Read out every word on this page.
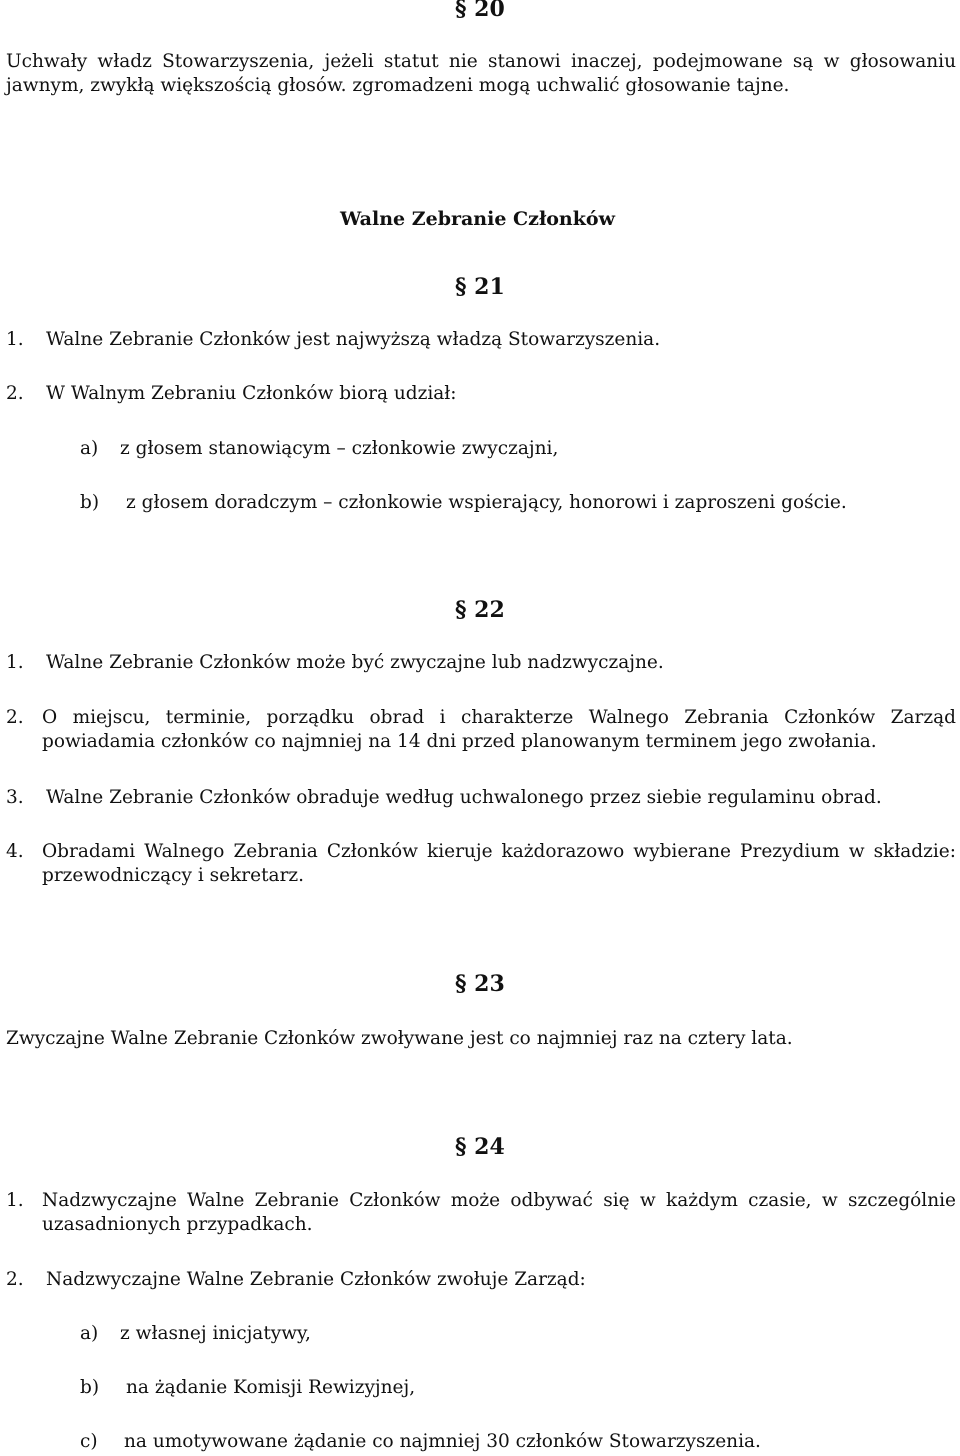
§ 20
Uchwały władz Stowarzyszenia, jeżeli statut nie stanowi inaczej, podejmowane są w głosowaniu jawnym, zwykłą większością głosów. zgromadzeni mogą uchwalić głosowanie tajne.
Walne Zebranie Członków
§ 21
1. Walne Zebranie Członków jest najwyższą władzą Stowarzyszenia.
2. W Walnym Zebraniu Członków biorą udział:
a) z głosem stanowiącym – członkowie zwyczajni,
b) z głosem doradczym – członkowie wspierający, honorowi i zaproszeni goście.
§ 22
1. Walne Zebranie Członków może być zwyczajne lub nadzwyczajne.
2. O miejscu, terminie, porządku obrad i charakterze Walnego Zebrania Członków Zarząd powiadamia członków co najmniej na 14 dni przed planowanym terminem jego zwołania.
3. Walne Zebranie Członków obraduje według uchwalonego przez siebie regulaminu obrad.
4. Obradami Walnego Zebrania Członków kieruje każdorazowo wybierane Prezydium w składzie: przewodniczący i sekretarz.
§ 23
Zwyczajne Walne Zebranie Członków zwoływane jest co najmniej raz na cztery lata.
§ 24
1. Nadzwyczajne Walne Zebranie Członków może odbywać się w każdym czasie, w szczególnie uzasadnionych przypadkach.
2. Nadzwyczajne Walne Zebranie Członków zwołuje Zarząd:
a) z własnej inicjatywy,
b) na żądanie Komisji Rewizyjnej,
c) na umotywowane żądanie co najmniej 30 członków Stowarzyszenia.
